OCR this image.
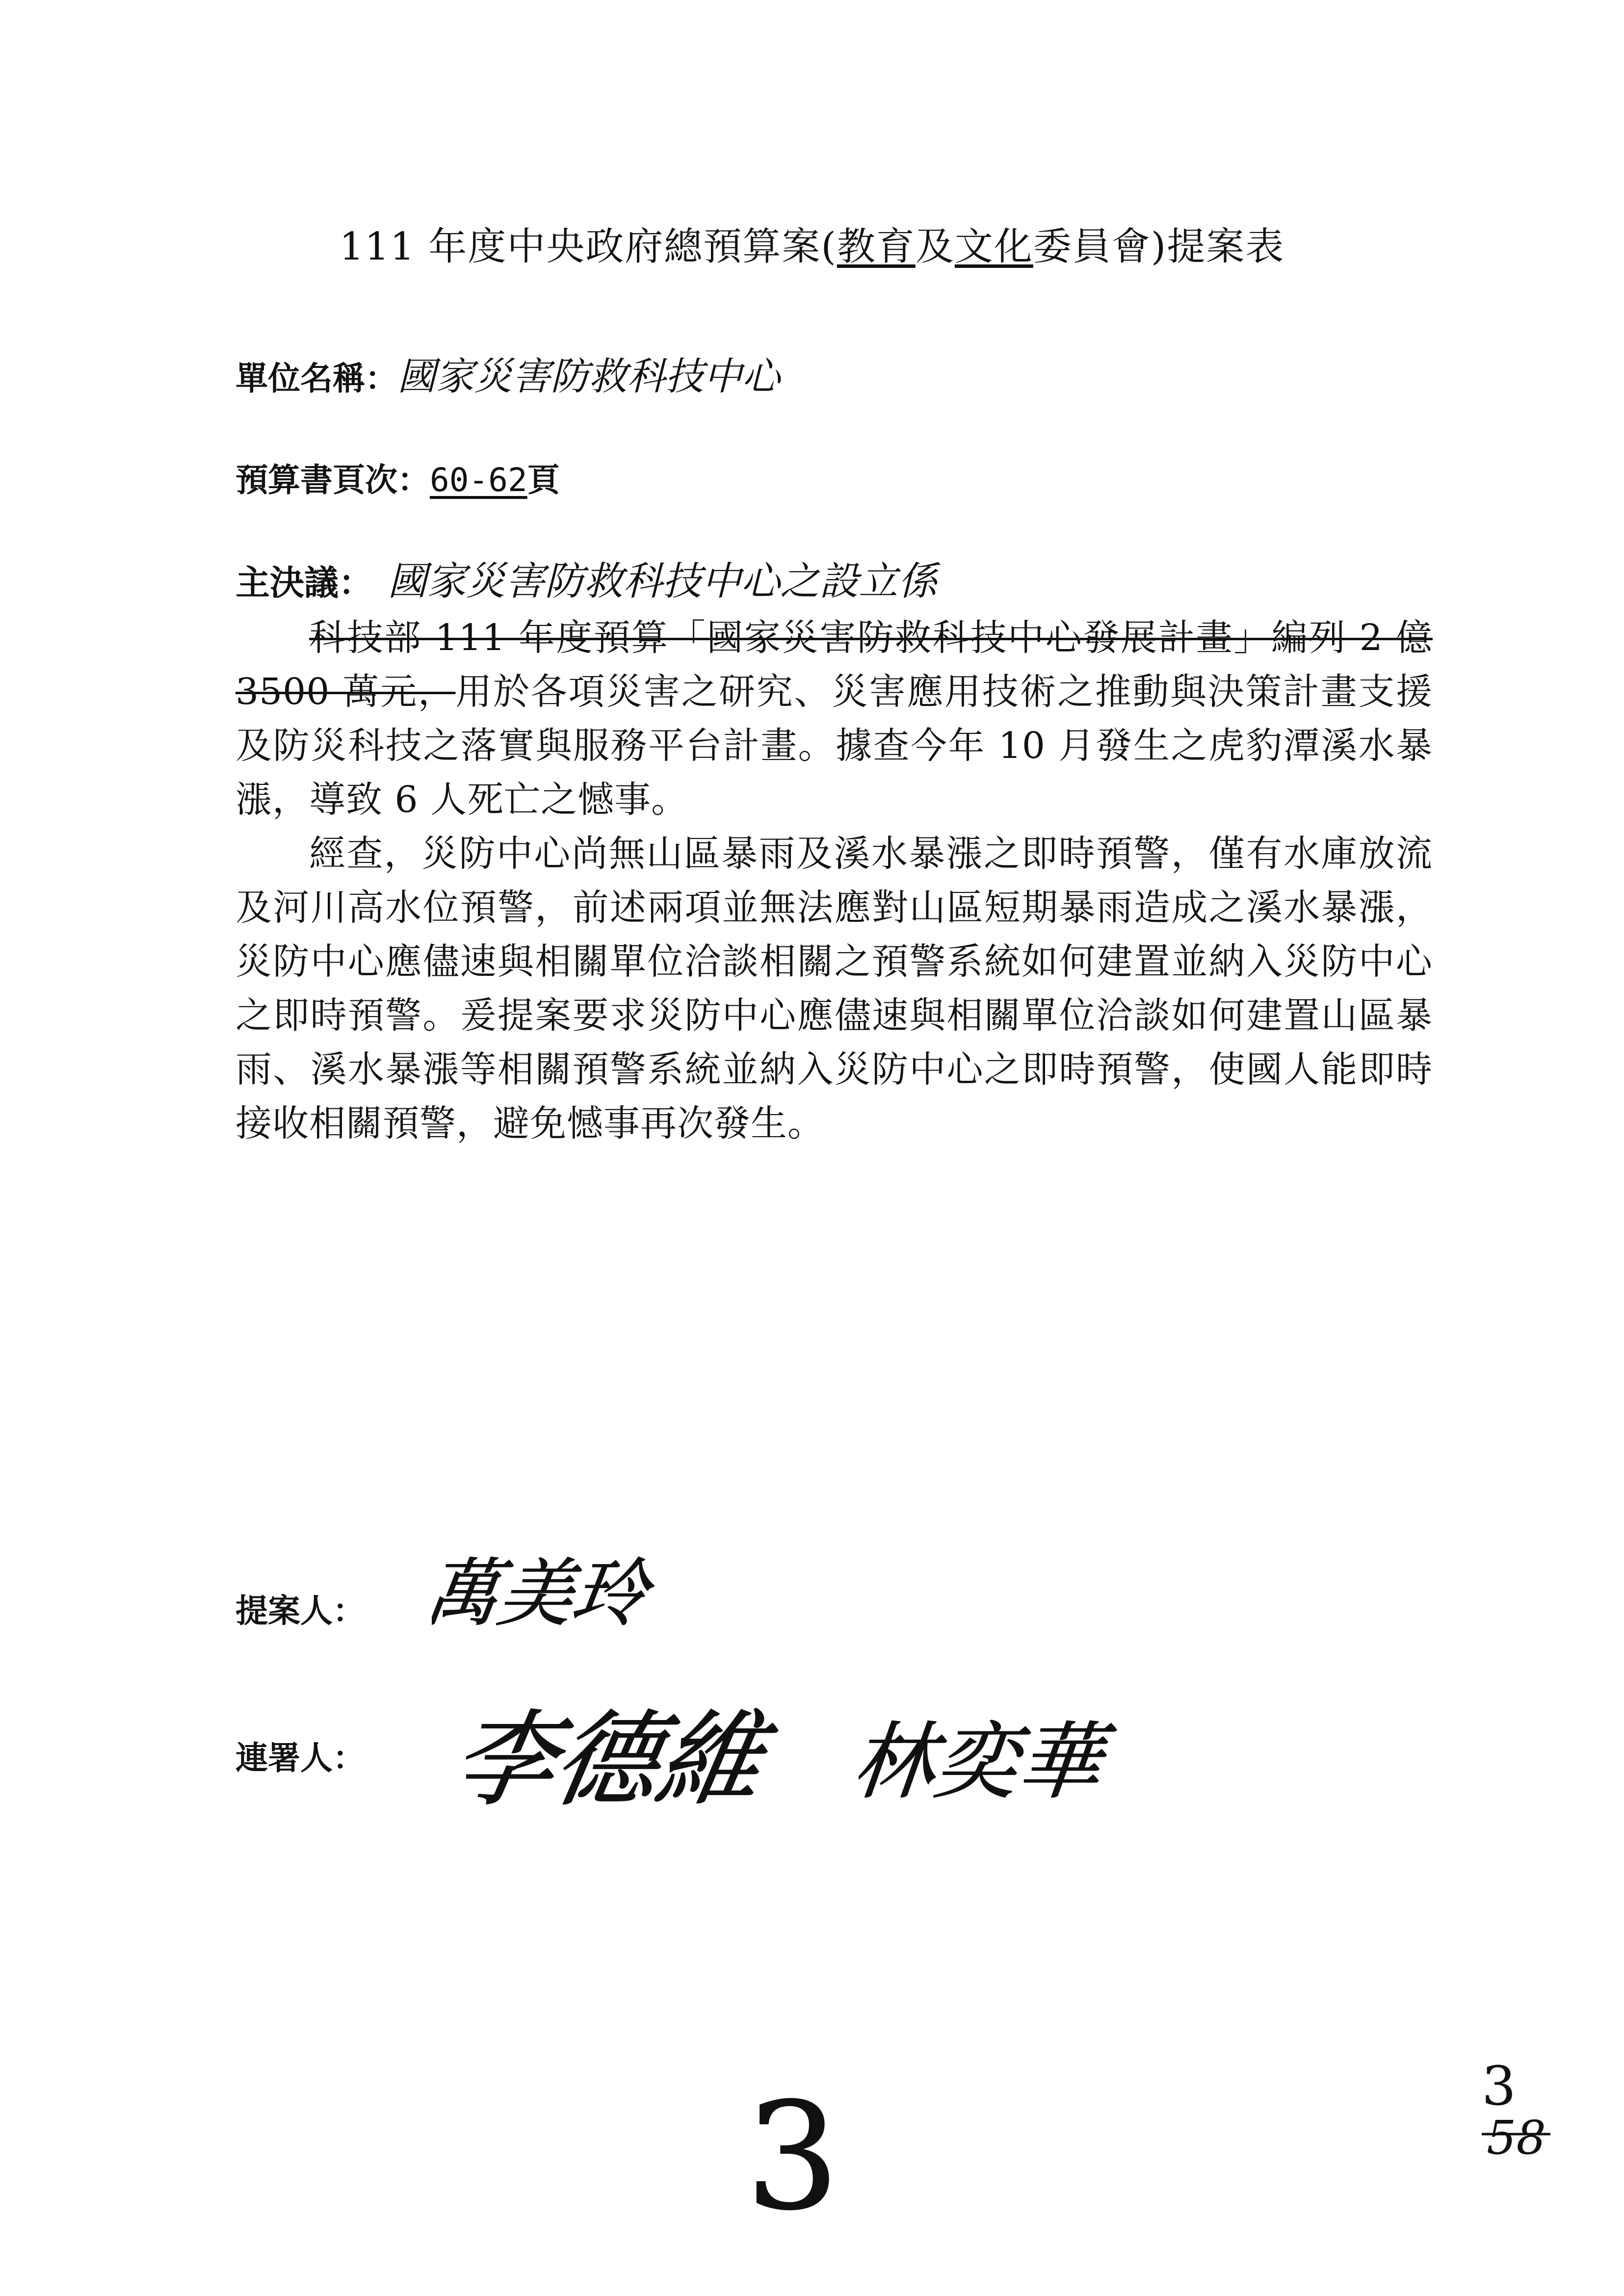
111 年度中央政府總預算案(教育及文化委員會)提案表
單位名稱：國家災害防救科技中心
預算書頁次：60-62頁
主決議： 國家災害防救科技中心之設立係

科技部 111 年度預算「國家災害防救科技中心發展計畫」編列 2 億 3500 萬元，用於各項災害之研究、災害應用技術之推動與決策計畫支援及防災科技之落實與服務平台計畫。據查今年 10 月發生之虎豹潭溪水暴漲，導致 6 人死亡之憾事。

經查，災防中心尚無山區暴雨及溪水暴漲之即時預警，僅有水庫放流及河川高水位預警，前述兩項並無法應對山區短期暴雨造成之溪水暴漲，災防中心應儘速與相關單位洽談相關之預警系統如何建置並納入災防中心之即時預警。爰提案要求災防中心應儘速與相關單位洽談如何建置山區暴雨、溪水暴漲等相關預警系統並納入災防中心之即時預警，使國人能即時接收相關預警，避免憾事再次發生。

提案人： 萬美玲
連署人： 李德維 林奕華
3	3
58
